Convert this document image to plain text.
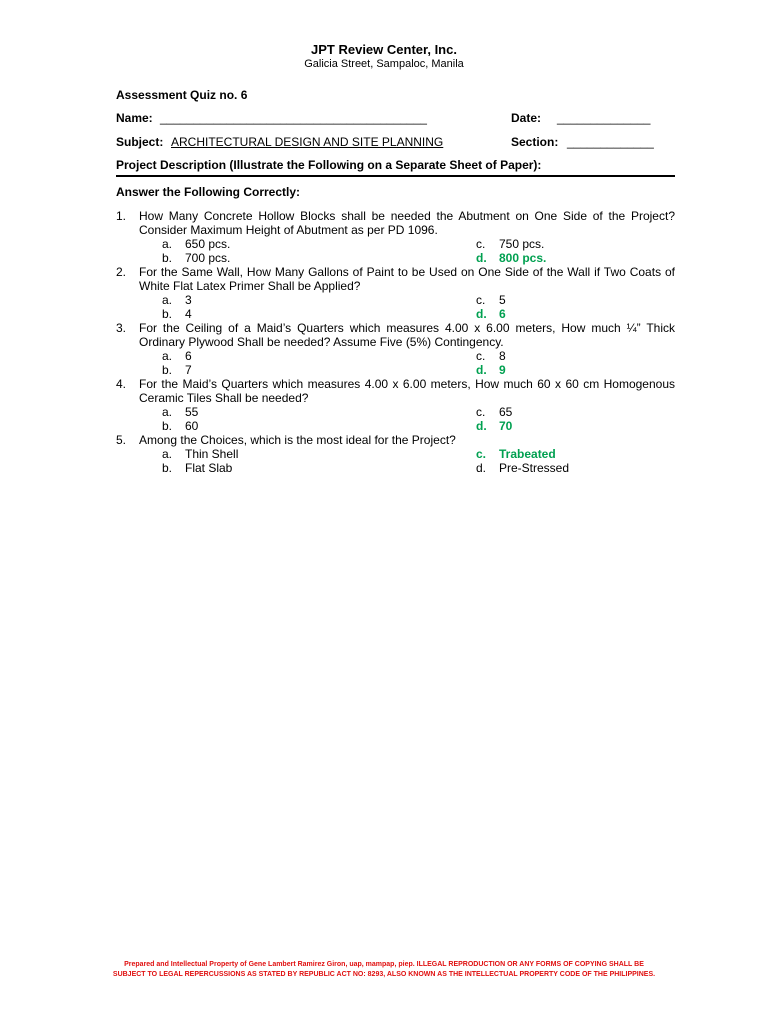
JPT Review Center, Inc.
Galicia Street, Sampaloc, Manila
Assessment Quiz no. 6
Name: ________________________________________	Date: ______________
Subject: ARCHITECTURAL DESIGN AND SITE PLANNING	Section: _____________
Project Description (Illustrate the Following on a Separate Sheet of Paper):
Answer the Following Correctly:
1. How Many Concrete Hollow Blocks shall be needed the Abutment on One Side of the Project? Consider Maximum Height of Abutment as per PD 1096.
a. 650 pcs.	c. 750 pcs.
b. 700 pcs.	d. 800 pcs.
2. For the Same Wall, How Many Gallons of Paint to be Used on One Side of the Wall if Two Coats of White Flat Latex Primer Shall be Applied?
a. 3	c. 5
b. 4	d. 6
3. For the Ceiling of a Maid’s Quarters which measures 4.00 x 6.00 meters, How much ¼” Thick Ordinary Plywood Shall be needed? Assume Five (5%) Contingency.
a. 6	c. 8
b. 7	d. 9
4. For the Maid’s Quarters which measures 4.00 x 6.00 meters, How much 60 x 60 cm Homogenous Ceramic Tiles Shall be needed?
a. 55	c. 65
b. 60	d. 70
5. Among the Choices, which is the most ideal for the Project?
a. Thin Shell	c. Trabeated
b. Flat Slab	d. Pre-Stressed
Prepared and Intellectual Property of Gene Lambert Ramirez Giron, uap, mampap, piep. ILLEGAL REPRODUCTION OR ANY FORMS OF COPYING SHALL BE
SUBJECT TO LEGAL REPERCUSSIONS AS STATED BY REPUBLIC ACT NO: 8293, ALSO KNOWN AS THE INTELLECTUAL PROPERTY CODE OF THE PHILIPPINES.
